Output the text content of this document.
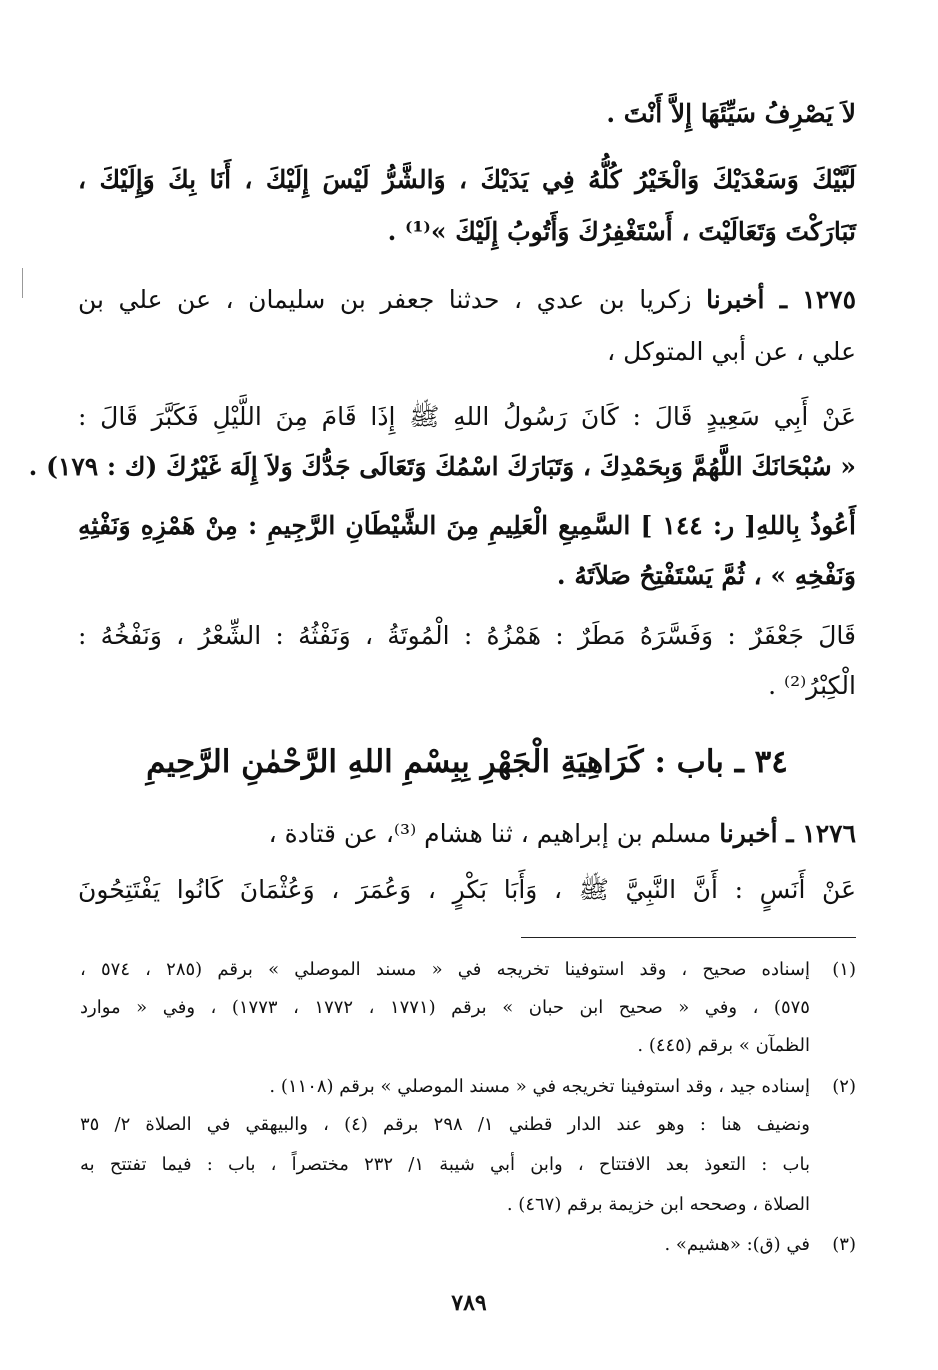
لاَ يَصْرِفُ سَيِّئَهَا إِلاَّ أَنْتَ .
لَبَّيْكَ وَسَعْدَيْكَ وَالْخَيْرُ كُلُّهُ فِي يَدَيْكَ ، وَالشَّرُّ لَيْسَ إِلَيْكَ ، أَنَا بِكَ وَإِلَيْكَ ،
تَبَارَكْتَ وَتَعَالَيْتَ ، أَسْتَغْفِرُكَ وَأَتُوبُ إِلَيْكَ »⁽¹⁾ .
١٢٧٥ ـ أخبرنا زكريا بن عدي ، حدثنا جعفر بن سليمان ، عن علي بن
علي ، عن أبي المتوكل ،
عَنْ أَبِي سَعِيدٍ قَالَ : كَانَ رَسُولُ اللهِ ﷺ إِذَا قَامَ مِنَ اللَّيْلِ فَكَبَّرَ قَالَ :
« سُبْحَانَكَ اللَّهُمَّ وَبِحَمْدِكَ ، وَتَبَارَكَ اسْمُكَ وَتَعَالَى جَدُّكَ وَلاَ إِلَهَ غَيْرُكَ (ك : ١٧٩) .
أَعُوذُ بِاللهِ[ ر: ١٤٤ ] السَّمِيعِ الْعَلِيمِ مِنَ الشَّيْطَانِ الرَّجِيمِ : مِنْ هَمْزِهِ وَنَفْثِهِ
وَنَفْخِهِ » ، ثُمَّ يَسْتَفْتِحُ صَلاَتَهُ .
قَالَ جَعْفَرٌ : وَفَسَّرَهُ مَطَرٌ : هَمْزُهُ : الْمُوتَةُ ، وَنَفْثُهُ : الشِّعْرُ ، وَنَفْخُهُ :
الْكِبْرُ⁽²⁾ .
٣٤ ـ باب : كَرَاهِيَةِ الْجَهْرِ بِبِسْمِ اللهِ الرَّحْمٰنِ الرَّحِيمِ
١٢٧٦ ـ أخبرنا مسلم بن إبراهيم ، ثنا هشام ⁽³⁾، عن قتادة ،
عَنْ أَنَسٍ : أَنَّ النَّبِيَّ ﷺ ، وَأَبَا بَكْرٍ ، وَعُمَرَ ، وَعُثْمَانَ كَانُوا يَفْتَتِحُونَ
(١)
إسناده صحيح ، وقد استوفينا تخريجه في « مسند الموصلي » برقم (٢٨٥ ، ٥٧٤ ،
٥٧٥) ، وفي « صحيح ابن حبان » برقم (١٧٧١ ، ١٧٧٢ ، ١٧٧٣) ، وفي « موارد
الظمآن » برقم (٤٤٥) .
(٢)
إسناده جيد ، وقد استوفينا تخريجه في « مسند الموصلي » برقم (١١٠٨) .
ونضيف هنا : وهو عند الدار قطني ١/ ٢٩٨ برقم (٤) ، والبيهقي في الصلاة ٢/ ٣٥
باب : التعوذ بعد الافتتاح ، وابن أبي شيبة ١/ ٢٣٢ مختصراً ، باب : فيما تفتتح به
الصلاة ، وصححه ابن خزيمة برقم (٤٦٧) .
(٣)
في (ق): «هشيم» .
٧٨٩
